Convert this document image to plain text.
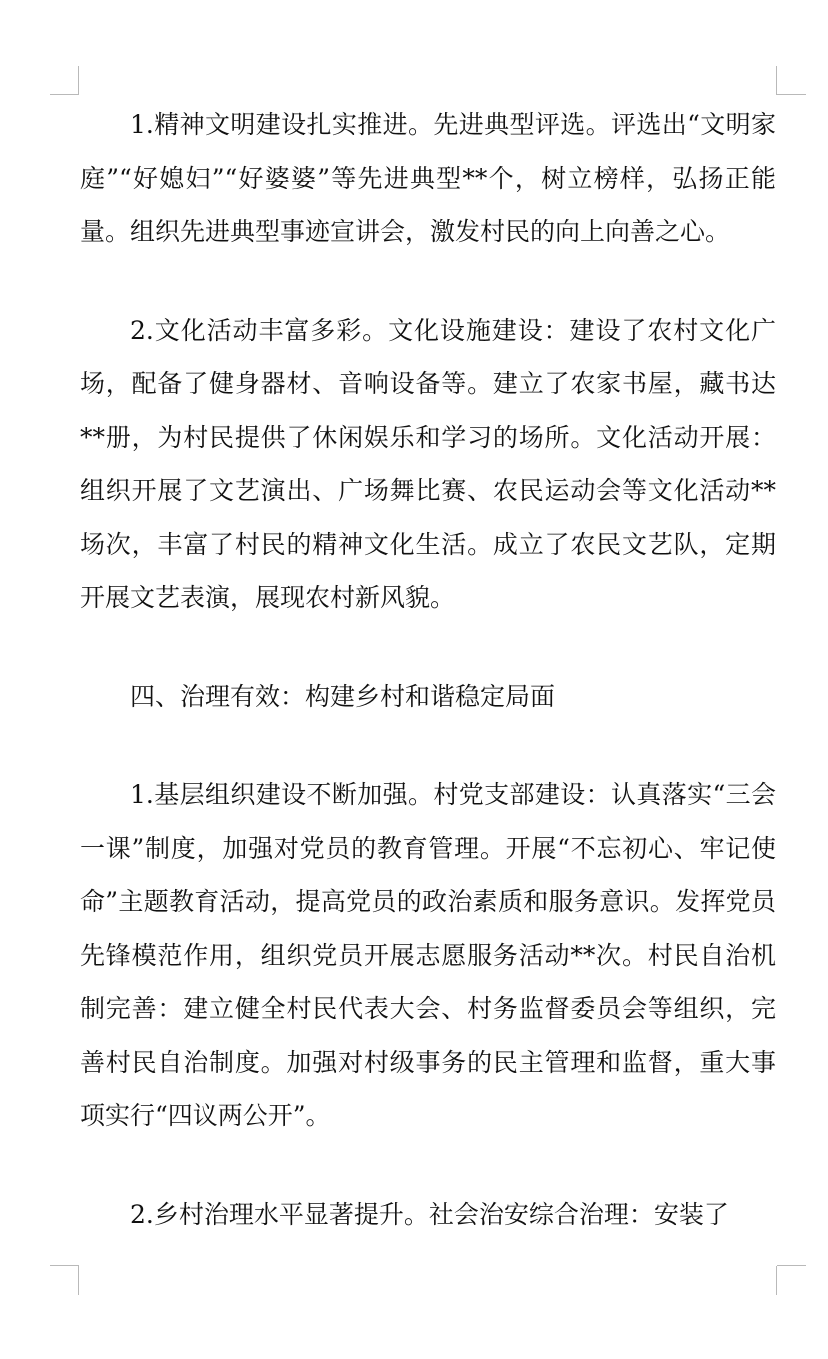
1.精神文明建设扎实推进。先进典型评选。评选出“文明家庭”“好媳妇”“好婆婆”等先进典型**个，树立榜样，弘扬正能量。组织先进典型事迹宣讲会，激发村民的向上向善之心。

2.文化活动丰富多彩。文化设施建设：建设了农村文化广场，配备了健身器材、音响设备等。建立了农家书屋，藏书达**册，为村民提供了休闲娱乐和学习的场所。文化活动开展：组织开展了文艺演出、广场舞比赛、农民运动会等文化活动**场次，丰富了村民的精神文化生活。成立了农民文艺队，定期开展文艺表演，展现农村新风貌。

四、治理有效：构建乡村和谐稳定局面

1.基层组织建设不断加强。村党支部建设：认真落实“三会一课”制度，加强对党员的教育管理。开展“不忘初心、牢记使命”主题教育活动，提高党员的政治素质和服务意识。发挥党员先锋模范作用，组织党员开展志愿服务活动**次。村民自治机制完善：建立健全村民代表大会、村务监督委员会等组织，完善村民自治制度。加强对村级事务的民主管理和监督，重大事项实行“四议两公开”。

2.乡村治理水平显著提升。社会治安综合治理：安装了
